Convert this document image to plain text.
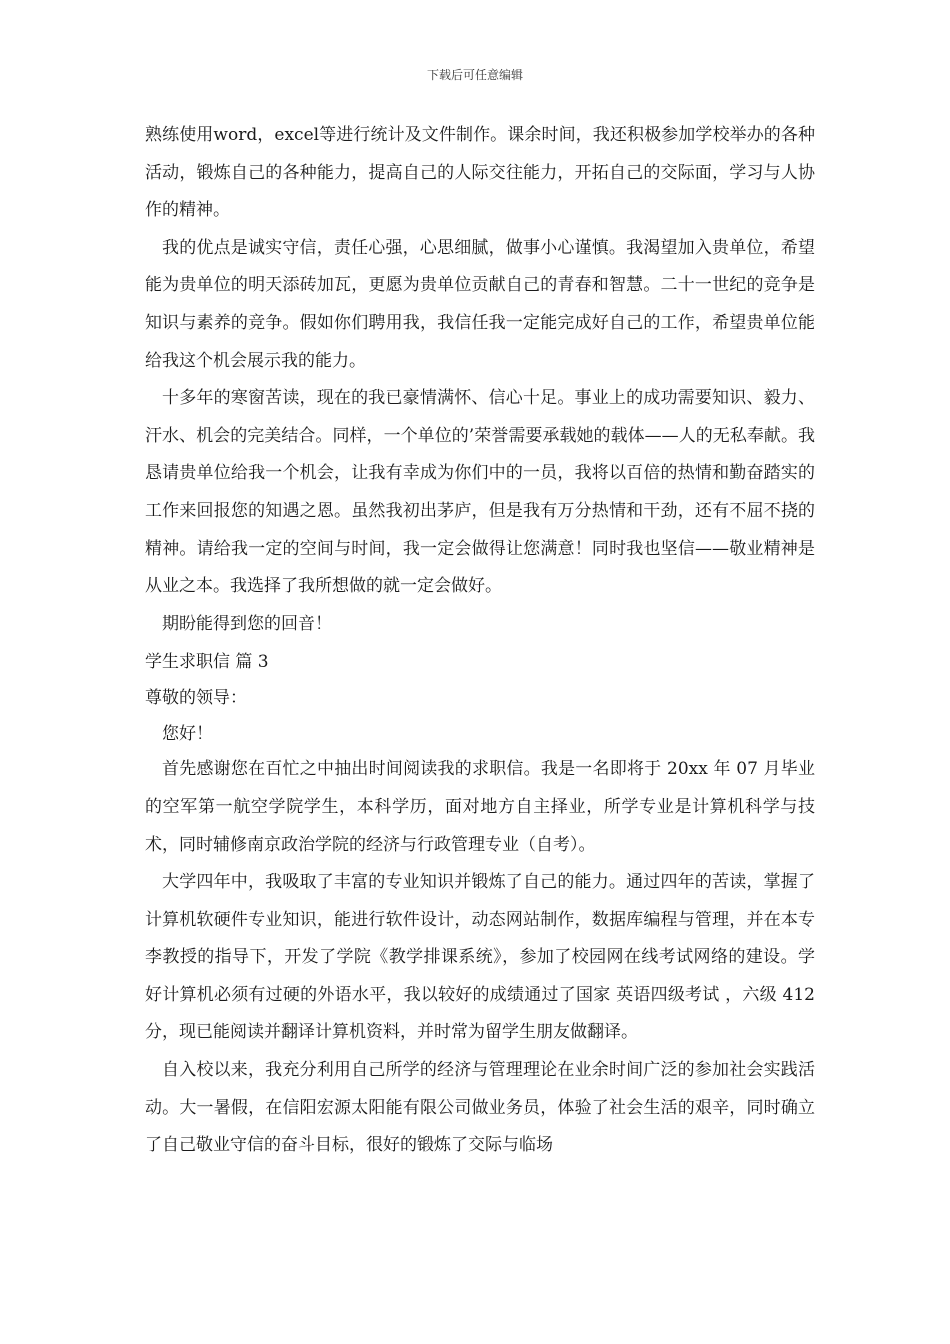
下载后可任意编辑

熟练使用word，excel等进行统计及文件制作。课余时间，我还积极参加学校举办的各种活动，锻炼自己的各种能力，提高自己的人际交往能力，开拓自己的交际面，学习与人协作的精神。

我的优点是诚实守信，责任心强，心思细腻，做事小心谨慎。我渴望加入贵单位，希望能为贵单位的明天添砖加瓦，更愿为贵单位贡献自己的青春和智慧。二十一世纪的竞争是知识与素养的竞争。假如你们聘用我，我信任我一定能完成好自己的工作，希望贵单位能给我这个机会展示我的能力。

十多年的寒窗苦读，现在的我已豪情满怀、信心十足。事业上的成功需要知识、毅力、汗水、机会的完美结合。同样，一个单位的’荣誉需要承载她的载体——人的无私奉献。我恳请贵单位给我一个机会，让我有幸成为你们中的一员，我将以百倍的热情和勤奋踏实的工作来回报您的知遇之恩。虽然我初出茅庐，但是我有万分热情和干劲，还有不屈不挠的精神。请给我一定的空间与时间，我一定会做得让您满意！同时我也坚信——敬业精神是从业之本。我选择了我所想做的就一定会做好。

期盼能得到您的回音！

学生求职信 篇 3

尊敬的领导：

您好！

首先感谢您在百忙之中抽出时间阅读我的求职信。我是一名即将于 20xx 年 07 月毕业的空军第一航空学院学生，本科学历，面对地方自主择业，所学专业是计算机科学与技术，同时辅修南京政治学院的经济与行政管理专业（自考）。

大学四年中，我吸取了丰富的专业知识并锻炼了自己的能力。通过四年的苦读，掌握了计算机软硬件专业知识，能进行软件设计，动态网站制作，数据库编程与管理，并在本专李教授的指导下，开发了学院《教学排课系统》，参加了校园网在线考试网络的建设。学好计算机必须有过硬的外语水平，我以较好的成绩通过了国家 英语四级考试 ，六级 412 分，现已能阅读并翻译计算机资料，并时常为留学生朋友做翻译。

自入校以来，我充分利用自己所学的经济与管理理论在业余时间广泛的参加社会实践活动。大一暑假，在信阳宏源太阳能有限公司做业务员，体验了社会生活的艰辛，同时确立了自己敬业守信的奋斗目标，很好的锻炼了交际与临场
